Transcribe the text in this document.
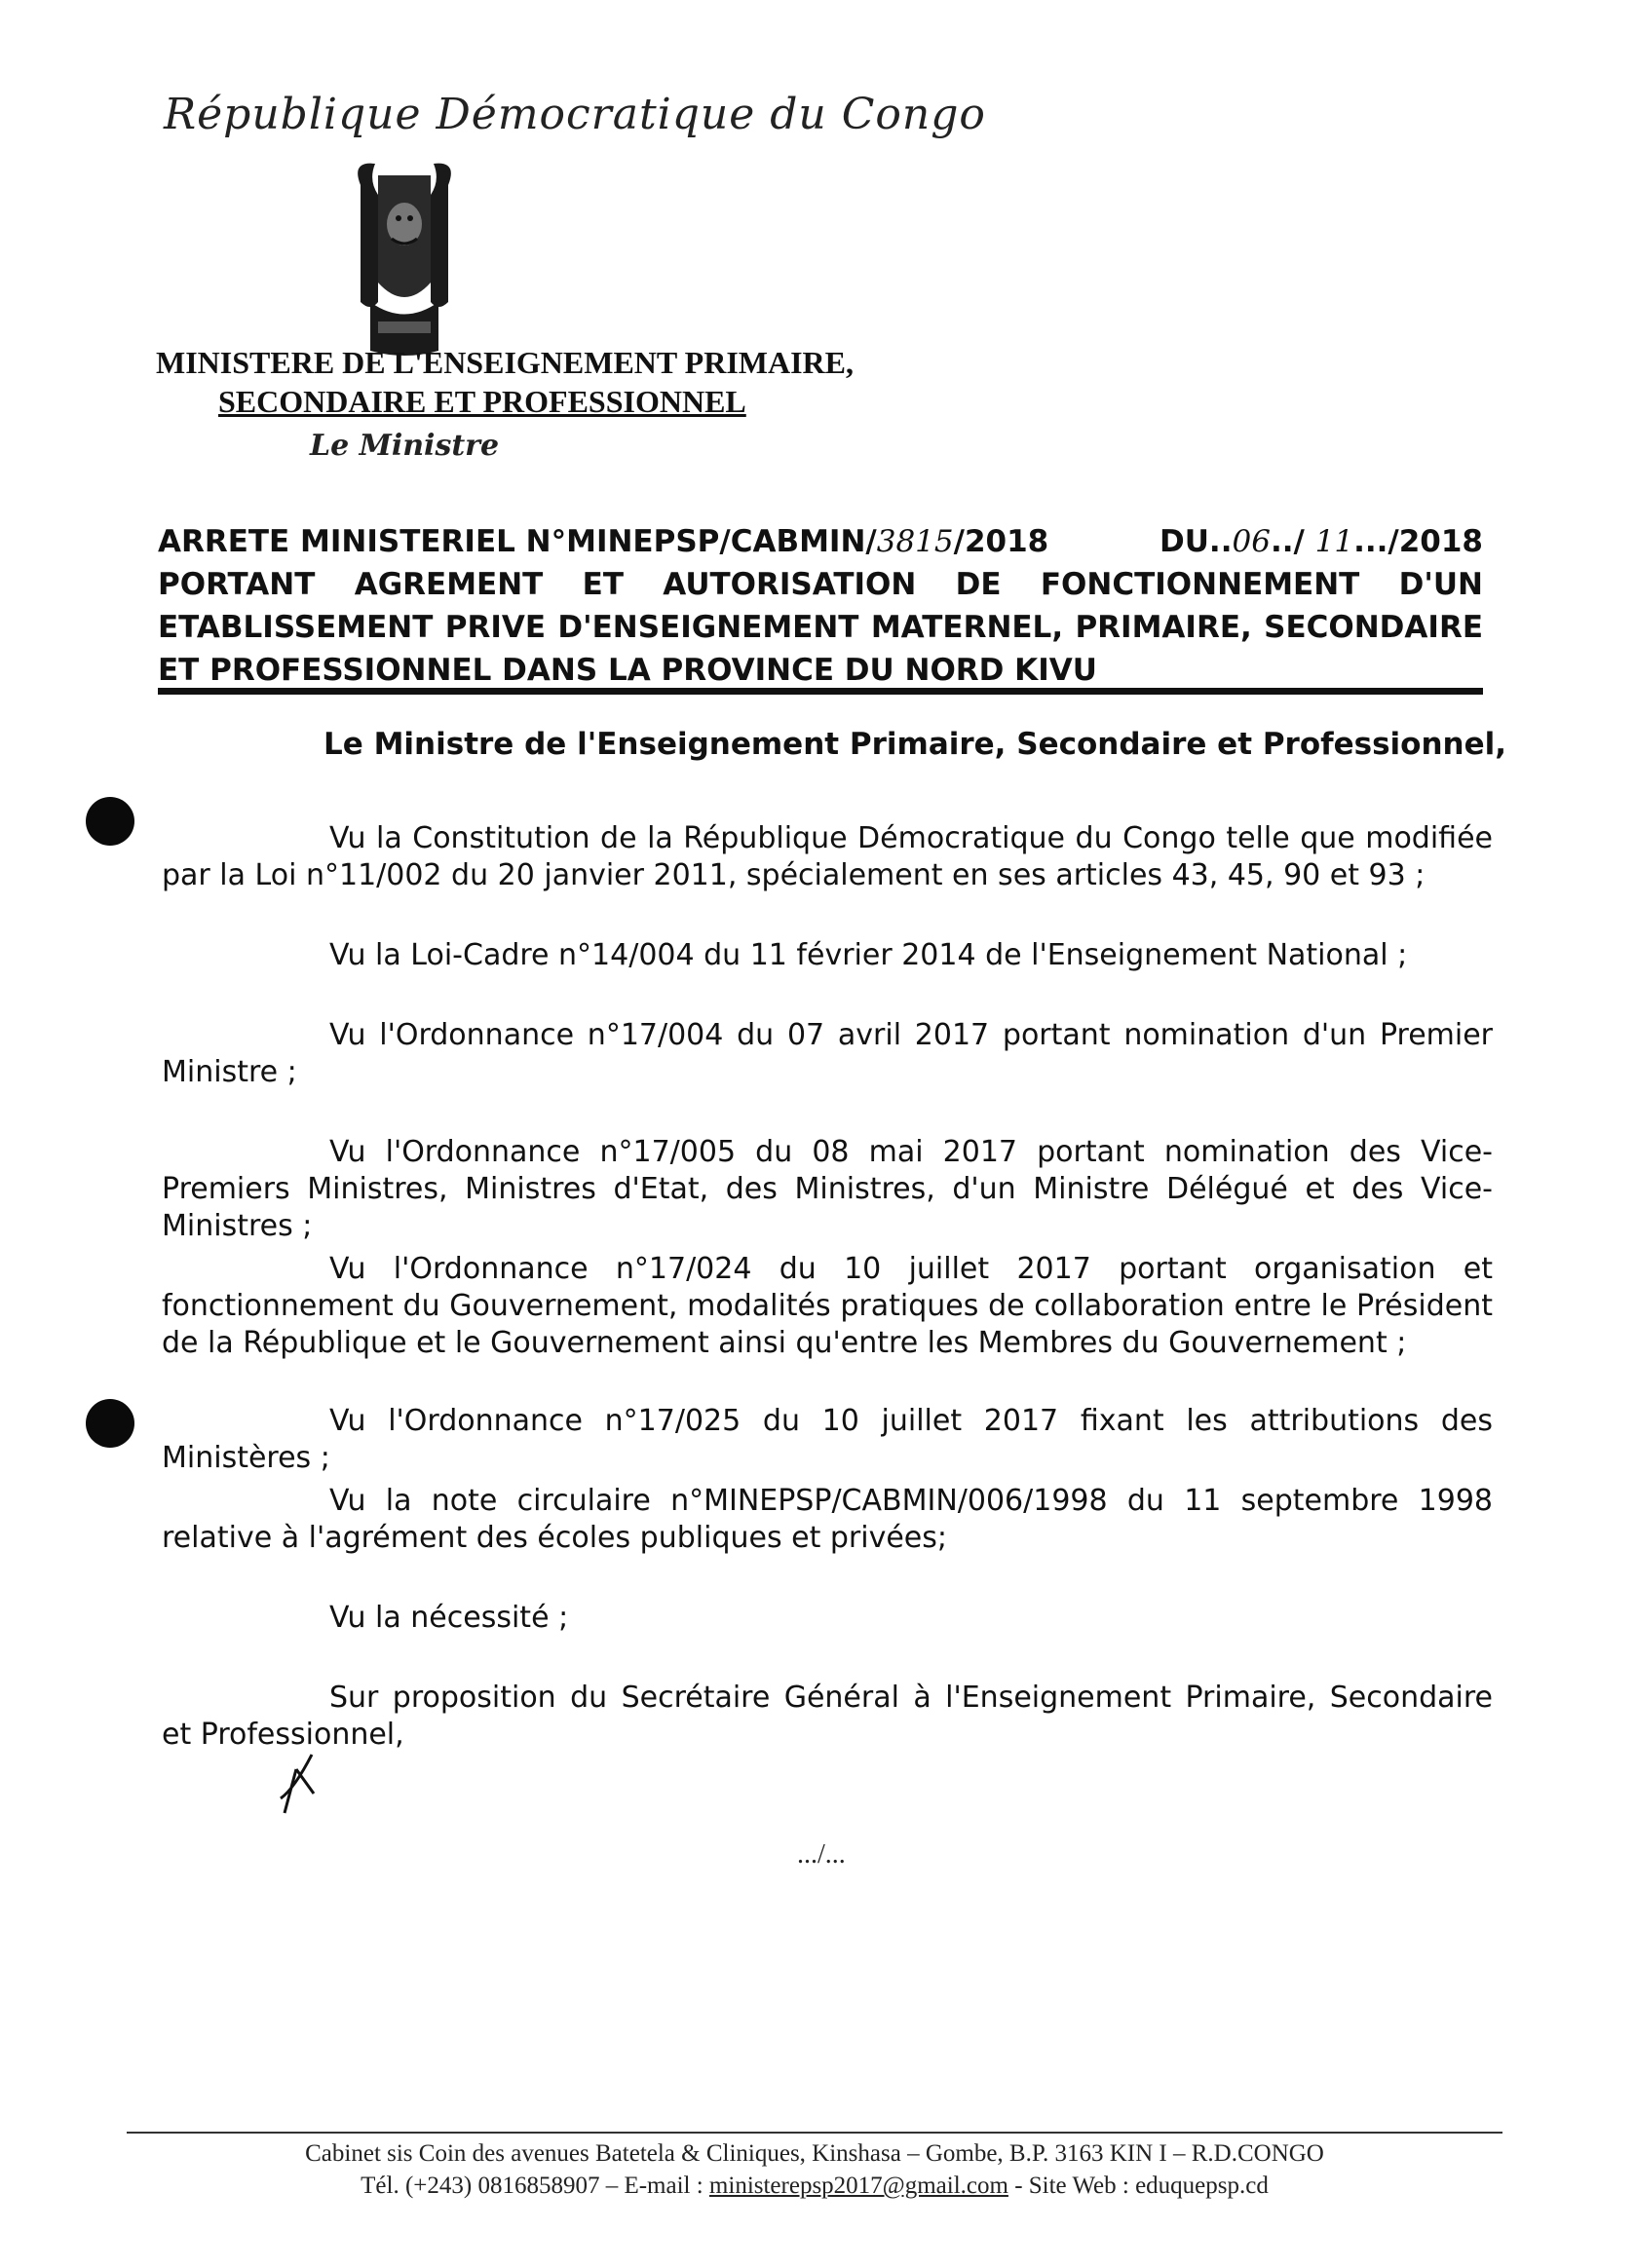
République Démocratique du Congo
MINISTERE DE L'ENSEIGNEMENT PRIMAIRE,
SECONDAIRE ET PROFESSIONNEL
Le Ministre
ARRETE MINISTERIEL N°MINEPSP/CABMIN/3815/2018	DU..06../ 11.../2018
PORTANT AGREMENT ET AUTORISATION DE FONCTIONNEMENT D'UN
ETABLISSEMENT PRIVE D'ENSEIGNEMENT MATERNEL, PRIMAIRE, SECONDAIRE
ET PROFESSIONNEL DANS LA PROVINCE DU NORD KIVU
Le Ministre de l'Enseignement Primaire, Secondaire et Professionnel,
Vu la Constitution de la République Démocratique du Congo telle que modifiée par la Loi n°11/002 du 20 janvier 2011, spécialement en ses articles 43, 45, 90 et 93 ;
Vu la Loi-Cadre n°14/004 du 11 février 2014 de l'Enseignement National ;
Vu l'Ordonnance n°17/004 du 07 avril 2017 portant nomination d'un Premier Ministre ;
Vu l'Ordonnance n°17/005 du 08 mai 2017 portant nomination des Vice-Premiers Ministres, Ministres d'Etat, des Ministres, d'un Ministre Délégué et des Vice-Ministres ;
Vu l'Ordonnance n°17/024 du 10 juillet 2017 portant organisation et fonctionnement du Gouvernement, modalités pratiques de collaboration entre le Président de la République et le Gouvernement ainsi qu'entre les Membres du Gouvernement ;
Vu l'Ordonnance n°17/025 du 10 juillet 2017 fixant les attributions des Ministères ;
Vu la note circulaire n°MINEPSP/CABMIN/006/1998 du 11 septembre 1998 relative à l'agrément des écoles publiques et privées;
Vu la nécessité ;
Sur proposition du Secrétaire Général à l'Enseignement Primaire, Secondaire et Professionnel,
.../...
Cabinet sis Coin des avenues Batetela & Cliniques, Kinshasa – Gombe, B.P. 3163 KIN I – R.D.CONGO
Tél. (+243) 0816858907 – E-mail : ministerepsp2017@gmail.com - Site Web : eduquepsp.cd
